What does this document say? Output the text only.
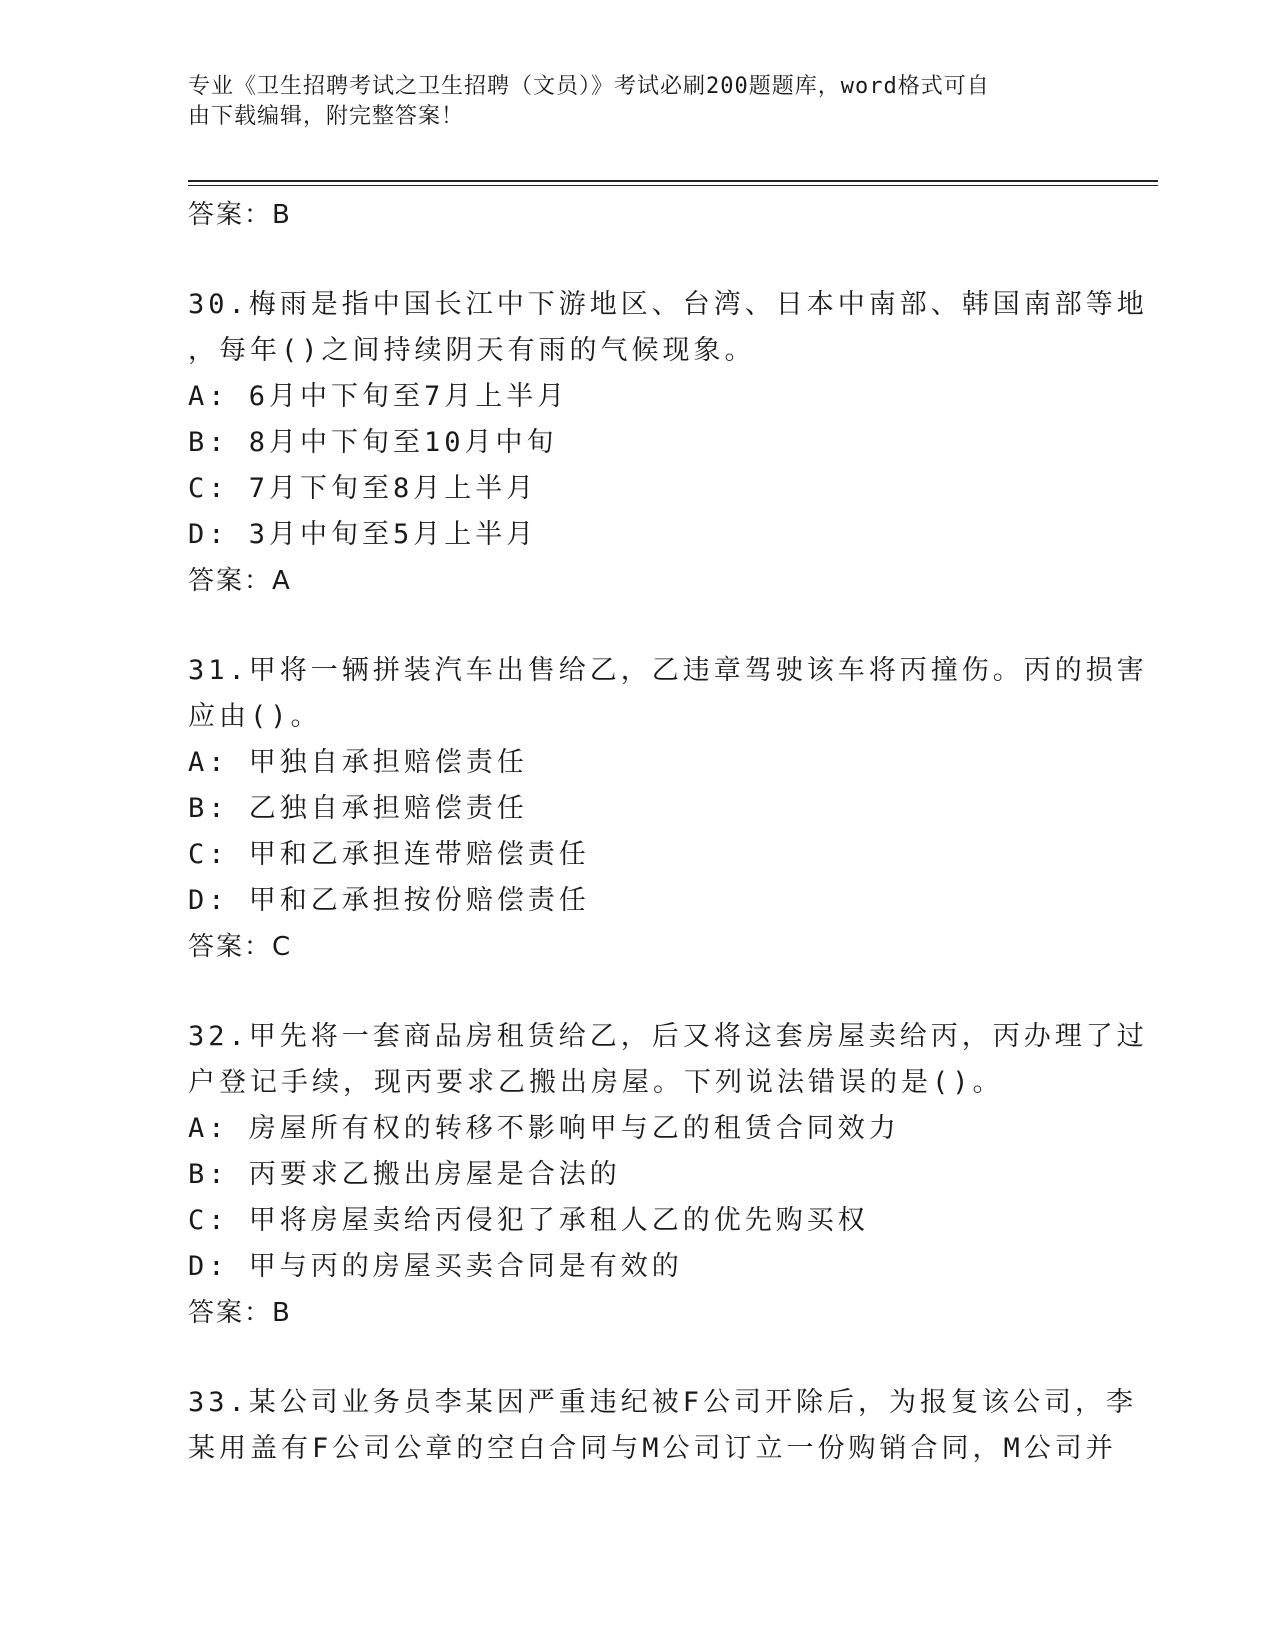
专业《卫生招聘考试之卫生招聘（文员）》考试必刷200题题库，word格式可自
由下载编辑，附完整答案！
答案：B
30.梅雨是指中国长江中下游地区、台湾、日本中南部、韩国南部等地
，每年()之间持续阴天有雨的气候现象。
A: 6月中下旬至7月上半月
B: 8月中下旬至10月中旬
C: 7月下旬至8月上半月
D: 3月中旬至5月上半月
答案：A
31.甲将一辆拼装汽车出售给乙，乙违章驾驶该车将丙撞伤。丙的损害
应由()。
A: 甲独自承担赔偿责任
B: 乙独自承担赔偿责任
C: 甲和乙承担连带赔偿责任
D: 甲和乙承担按份赔偿责任
答案：C
32.甲先将一套商品房租赁给乙，后又将这套房屋卖给丙，丙办理了过
户登记手续，现丙要求乙搬出房屋。下列说法错误的是()。
A: 房屋所有权的转移不影响甲与乙的租赁合同效力
B: 丙要求乙搬出房屋是合法的
C: 甲将房屋卖给丙侵犯了承租人乙的优先购买权
D: 甲与丙的房屋买卖合同是有效的
答案：B
33.某公司业务员李某因严重违纪被F公司开除后，为报复该公司，李
某用盖有F公司公章的空白合同与M公司订立一份购销合同，M公司并
